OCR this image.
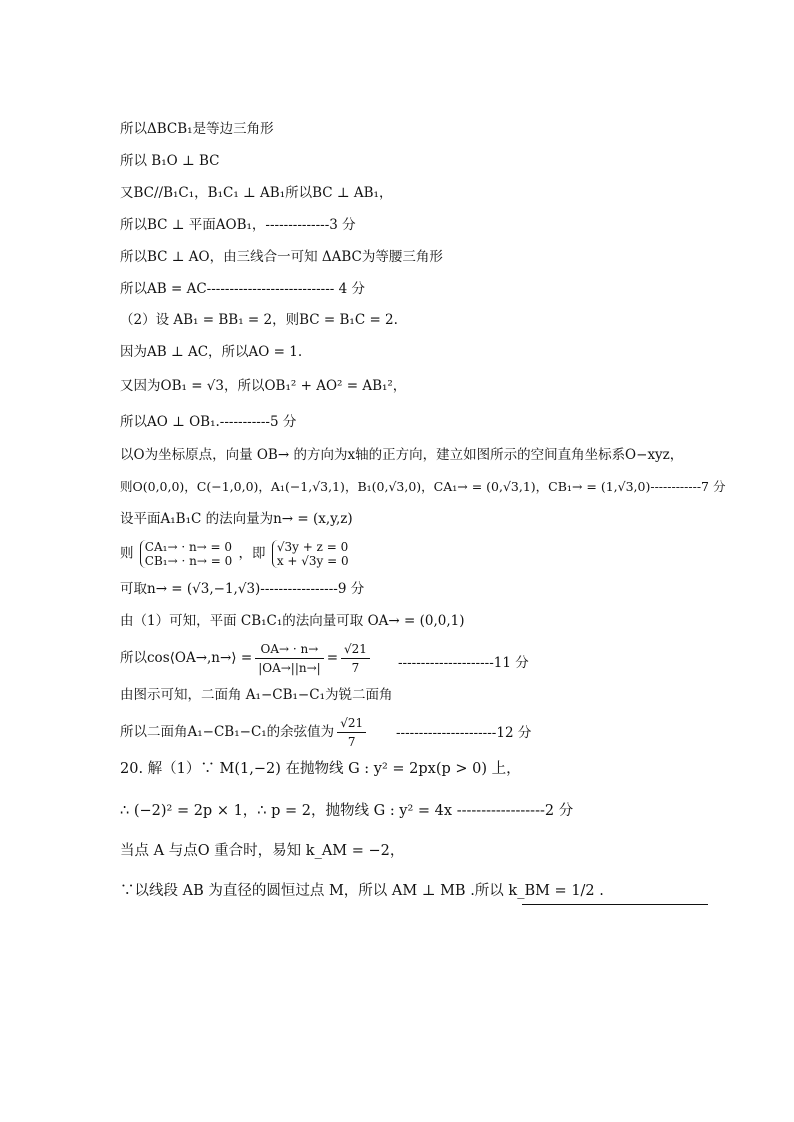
所以ΔBCB₁是等边三角形
所以 B₁O ⊥ BC
又BC//B₁C₁，B₁C₁ ⊥ AB₁所以BC ⊥ AB₁，
所以BC ⊥ 平面AOB₁，--------------3 分
所以BC ⊥ AO，由三线合一可知 ΔABC为等腰三角形
所以AB = AC---------------------------- 4 分
（2）设 AB₁ = BB₁ = 2，则BC = B₁C = 2.
因为AB ⊥ AC，所以AO = 1.
又因为OB₁ = √3，所以OB₁² + AO² = AB₁²，
所以AO ⊥ OB₁.-----------5 分
以O为坐标原点，向量 OB→ 的方向为x轴的正方向，建立如图所示的空间直角坐标系O−xyz，
则O(0,0,0)，C(−1,0,0)，A₁(−1,√3,1)，B₁(0,√3,0)，CA₁→ = (0,√3,1)，CB₁→ = (1,√3,0)------------7 分
设平面A₁B₁C 的法向量为n→ = (x,y,z)
则 CA₁→ · n→ = 0
CB₁→ · n→ = 0 ，即 √3y + z = 0
x + √3y = 0
可取n→ = (√3,−1,√3)-----------------9 分
由（1）可知，平面 CB₁C₁的法向量可取 OA→ = (0,0,1)
所以cos⟨OA→,n→⟩ = $\frac{OA\to \cdot n\to}{|OA\to||n\to|} = \frac{√21}{7} ---------------------11$ 分
由图示可知，二面角 A₁−CB₁−C₁为锐二面角
所以二面角A₁−CB₁−C₁的余弦值为 $\frac{√21}{7} ----------------------12$ 分
20. 解（1）∵ M(1,−2) 在抛物线 G : y² = 2px(p > 0) 上，
∴ (−2)² = 2p × 1，∴ p = 2，抛物线 G : y² = 4x ------------------2 分
当点 A 与点O 重合时，易知 k_AM = −2，
∵以线段 AB 为直径的圆恒过点 M，所以 AM ⊥ MB .所以 k_BM = 1/2 .
